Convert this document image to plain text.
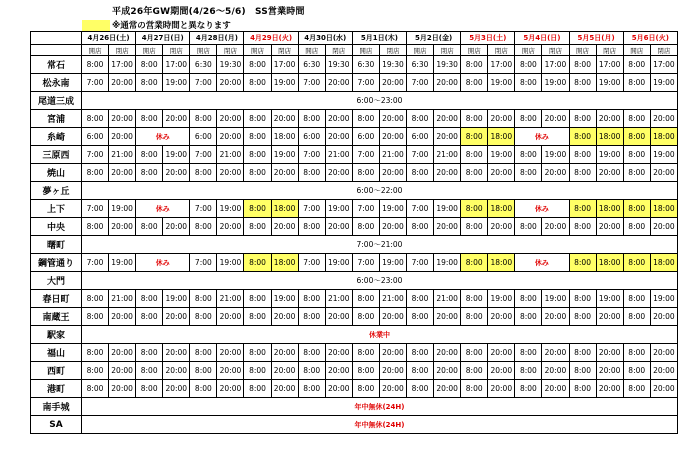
平成26年GW期間(4/26～5/6)　SS営業時間
※通常の営業時間と異なります
	4月26日(土)		4月27日(日)		4月28日(月)		4月29日(火)		4月30日(水)		5月1日(木)		5月2日(金)		5月3日(土)		5月4日(日)		5月5日(月)		5月6日(火)	
	開店	閉店	開店	閉店	開店	閉店	開店	閉店	開店	閉店	開店	閉店	開店	閉店	開店	閉店	開店	閉店	開店	閉店	開店	閉店
常石	8:00	17:00	8:00	17:00	6:30	19:30	8:00	17:00	6:30	19:30	6:30	19:30	6:30	19:30	8:00	17:00	8:00	17:00	8:00	17:00	8:00	17:00
松永南	7:00	20:00	8:00	19:00	7:00	20:00	8:00	19:00	7:00	20:00	7:00	20:00	7:00	20:00	8:00	19:00	8:00	19:00	8:00	19:00	8:00	19:00
尾道三成	6:00～23:00																					
宮浦	8:00	20:00	8:00	20:00	8:00	20:00	8:00	20:00	8:00	20:00	8:00	20:00	8:00	20:00	8:00	20:00	8:00	20:00	8:00	20:00	8:00	20:00
糸崎	6:00	20:00	休み		6:00	20:00	8:00	18:00	6:00	20:00	6:00	20:00	6:00	20:00	8:00	18:00	休み		8:00	18:00	8:00	18:00
三原西	7:00	21:00	8:00	19:00	7:00	21:00	8:00	19:00	7:00	21:00	7:00	21:00	7:00	21:00	8:00	19:00	8:00	19:00	8:00	19:00	8:00	19:00
焼山	8:00	20:00	8:00	20:00	8:00	20:00	8:00	20:00	8:00	20:00	8:00	20:00	8:00	20:00	8:00	20:00	8:00	20:00	8:00	20:00	8:00	20:00
夢ヶ丘	6:00～22:00																					
上下	7:00	19:00	休み		7:00	19:00	8:00	18:00	7:00	19:00	7:00	19:00	7:00	19:00	8:00	18:00	休み		8:00	18:00	8:00	18:00
中央	8:00	20:00	8:00	20:00	8:00	20:00	8:00	20:00	8:00	20:00	8:00	20:00	8:00	20:00	8:00	20:00	8:00	20:00	8:00	20:00	8:00	20:00
曙町	7:00～21:00																					
鋼管通り	7:00	19:00	休み		7:00	19:00	8:00	18:00	7:00	19:00	7:00	19:00	7:00	19:00	8:00	18:00	休み		8:00	18:00	8:00	18:00
大門	6:00～23:00																					
春日町	8:00	21:00	8:00	19:00	8:00	21:00	8:00	19:00	8:00	21:00	8:00	21:00	8:00	21:00	8:00	19:00	8:00	19:00	8:00	19:00	8:00	19:00
南蔵王	8:00	20:00	8:00	20:00	8:00	20:00	8:00	20:00	8:00	20:00	8:00	20:00	8:00	20:00	8:00	20:00	8:00	20:00	8:00	20:00	8:00	20:00
駅家	休業中																					
福山	8:00	20:00	8:00	20:00	8:00	20:00	8:00	20:00	8:00	20:00	8:00	20:00	8:00	20:00	8:00	20:00	8:00	20:00	8:00	20:00	8:00	20:00
西町	8:00	20:00	8:00	20:00	8:00	20:00	8:00	20:00	8:00	20:00	8:00	20:00	8:00	20:00	8:00	20:00	8:00	20:00	8:00	20:00	8:00	20:00
港町	8:00	20:00	8:00	20:00	8:00	20:00	8:00	20:00	8:00	20:00	8:00	20:00	8:00	20:00	8:00	20:00	8:00	20:00	8:00	20:00	8:00	20:00
南手城	年中無休(24H)																					
SA	年中無休(24H)																					
